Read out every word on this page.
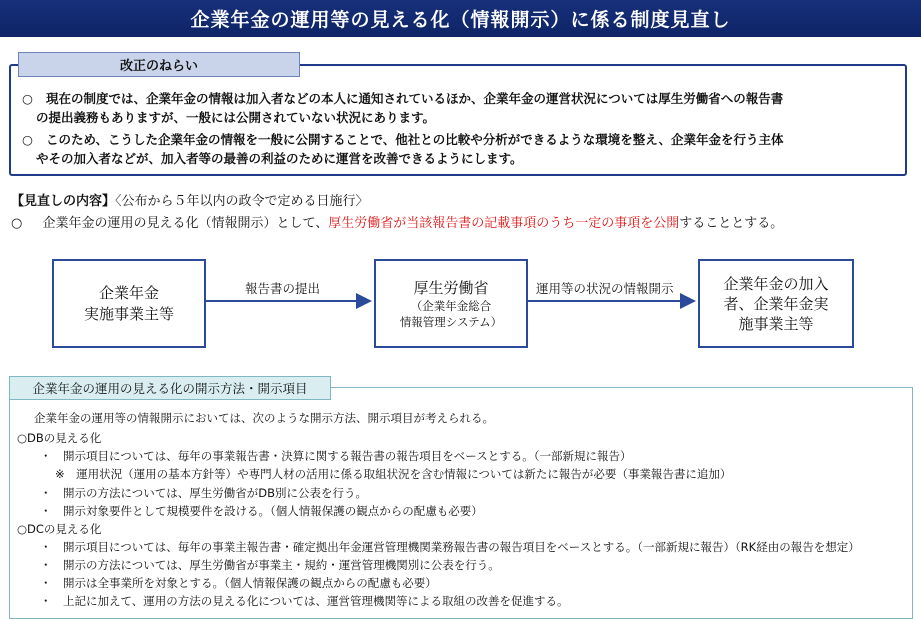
企業年金の運用等の見える化（情報開示）に係る制度見直し
改正のねらい
○ 現在の制度では、企業年金の情報は加入者などの本人に通知されているほか、企業年金の運営状況については厚生労働省への報告書
の提出義務もありますが、一般には公開されていない状況にあります。
○ このため、こうした企業年金の情報を一般に公開することで、他社との比較や分析ができるような環境を整え、企業年金を行う主体
やその加入者などが、加入者等の最善の利益のために運営を改善できるようにします。
【見直しの内容】〈公布から５年以内の政令で定める日施行〉
○ 企業年金の運用の見える化（情報開示）として、厚生労働省が当該報告書の記載事項のうち一定の事項を公開することとする。
企業年金
実施事業主等
厚生労働省
（企業年金総合
情報管理システム）
企業年金の加入
者、企業年金実
施事業主等
報告書の提出	運用等の状況の情報開示
企業年金の運用の見える化の開示方法・開示項目
企業年金の運用等の情報開示においては、次のような開示方法、開示項目が考えられる。
○DBの見える化
・　開示項目については、毎年の事業報告書・決算に関する報告書の報告項目をベースとする。（一部新規に報告）
※　運用状況（運用の基本方針等）や専門人材の活用に係る取組状況を含む情報については新たに報告が必要（事業報告書に追加）
・　開示の方法については、厚生労働省がDB別に公表を行う。
・　開示対象要件として規模要件を設ける。（個人情報保護の観点からの配慮も必要）
○DCの見える化
・　開示項目については、毎年の事業主報告書・確定拠出年金運営管理機関業務報告書の報告項目をベースとする。（一部新規に報告）（RK経由の報告を想定）
・　開示の方法については、厚生労働省が事業主・規約・運営管理機関別に公表を行う。
・　開示は全事業所を対象とする。（個人情報保護の観点からの配慮も必要）
・　上記に加えて、運用の方法の見える化については、運営管理機関等による取組の改善を促進する。
